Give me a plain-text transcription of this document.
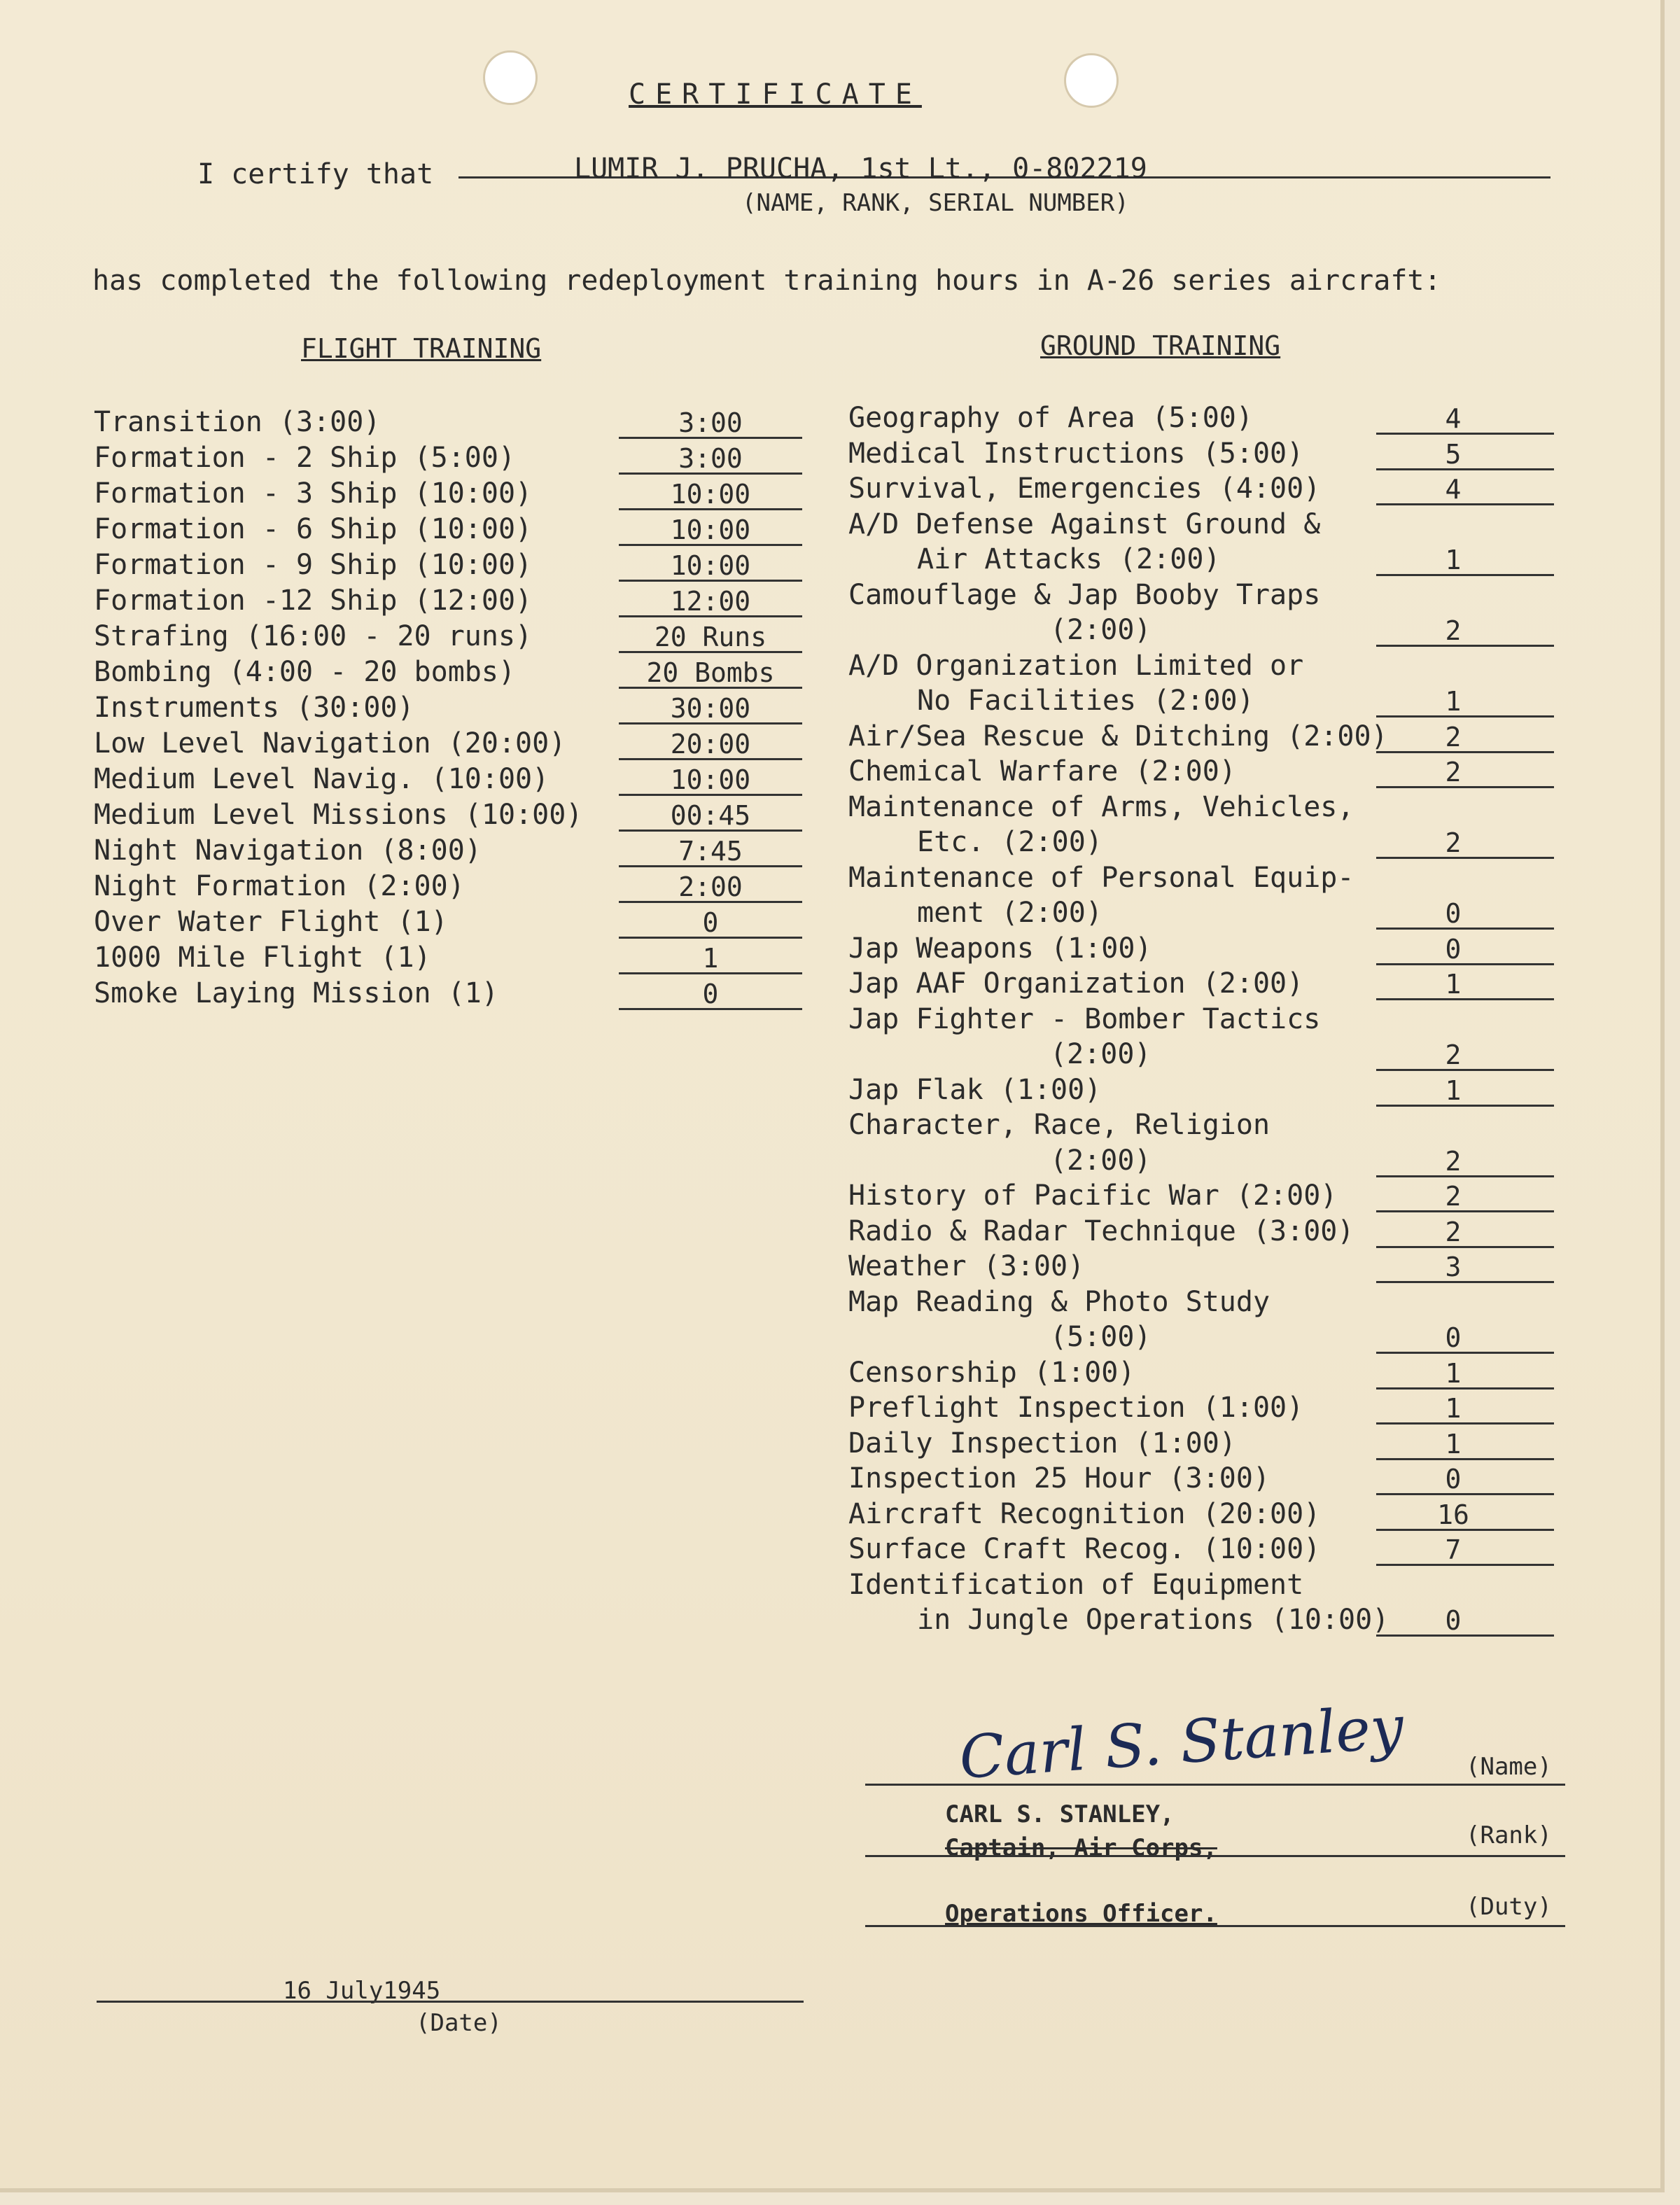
CERTIFICATE
I certify that	LUMIR J. PRUCHA, 1st Lt., 0-802219
(NAME, RANK, SERIAL NUMBER)
has completed the following redeployment training hours in A-26 series aircraft:
FLIGHT TRAINING	GROUND TRAINING
Transition (3:00)	3:00
Formation - 2 Ship (5:00)	3:00
Formation - 3 Ship (10:00)	10:00
Formation - 6 Ship (10:00)	10:00
Formation - 9 Ship (10:00)	10:00
Formation -12 Ship (12:00)	12:00
Strafing (16:00 - 20 runs)	20 Runs
Bombing (4:00 - 20 bombs)	20 Bombs
Instruments (30:00)	30:00
Low Level Navigation (20:00)	20:00
Medium Level Navig. (10:00)	10:00
Medium Level Missions (10:00)	00:45
Night Navigation (8:00)	7:45
Night Formation (2:00)	2:00
Over Water Flight (1)	0
1000 Mile Flight (1)	1
Smoke Laying Mission (1)	0
Geography of Area (5:00)	4
Medical Instructions (5:00)	5
Survival, Emergencies (4:00)	4
A/D Defense Against Ground &
Air Attacks (2:00)	1
Camouflage & Jap Booby Traps
(2:00)	2
A/D Organization Limited or
No Facilities (2:00)	1
Air/Sea Rescue & Ditching (2:00)	2
Chemical Warfare (2:00)	2
Maintenance of Arms, Vehicles,
Etc. (2:00)	2
Maintenance of Personal Equip-
ment (2:00)	0
Jap Weapons (1:00)	0
Jap AAF Organization (2:00)	1
Jap Fighter - Bomber Tactics
(2:00)	2
Jap Flak (1:00)	1
Character, Race, Religion
(2:00)	2
History of Pacific War (2:00)	2
Radio & Radar Technique (3:00)	2
Weather (3:00)	3
Map Reading & Photo Study
(5:00)	0
Censorship (1:00)	1
Preflight Inspection (1:00)	1
Daily Inspection (1:00)	1
Inspection 25 Hour (3:00)	0
Aircraft Recognition (20:00)	16
Surface Craft Recog. (10:00)	7
Identification of Equipment
in Jungle Operations (10:00)	0
Carl S. Stanley	(Name)
CARL S. STANLEY,
Captain, Air Corps,	(Rank)
Operations Officer.	(Duty)
16 July1945
(Date)
